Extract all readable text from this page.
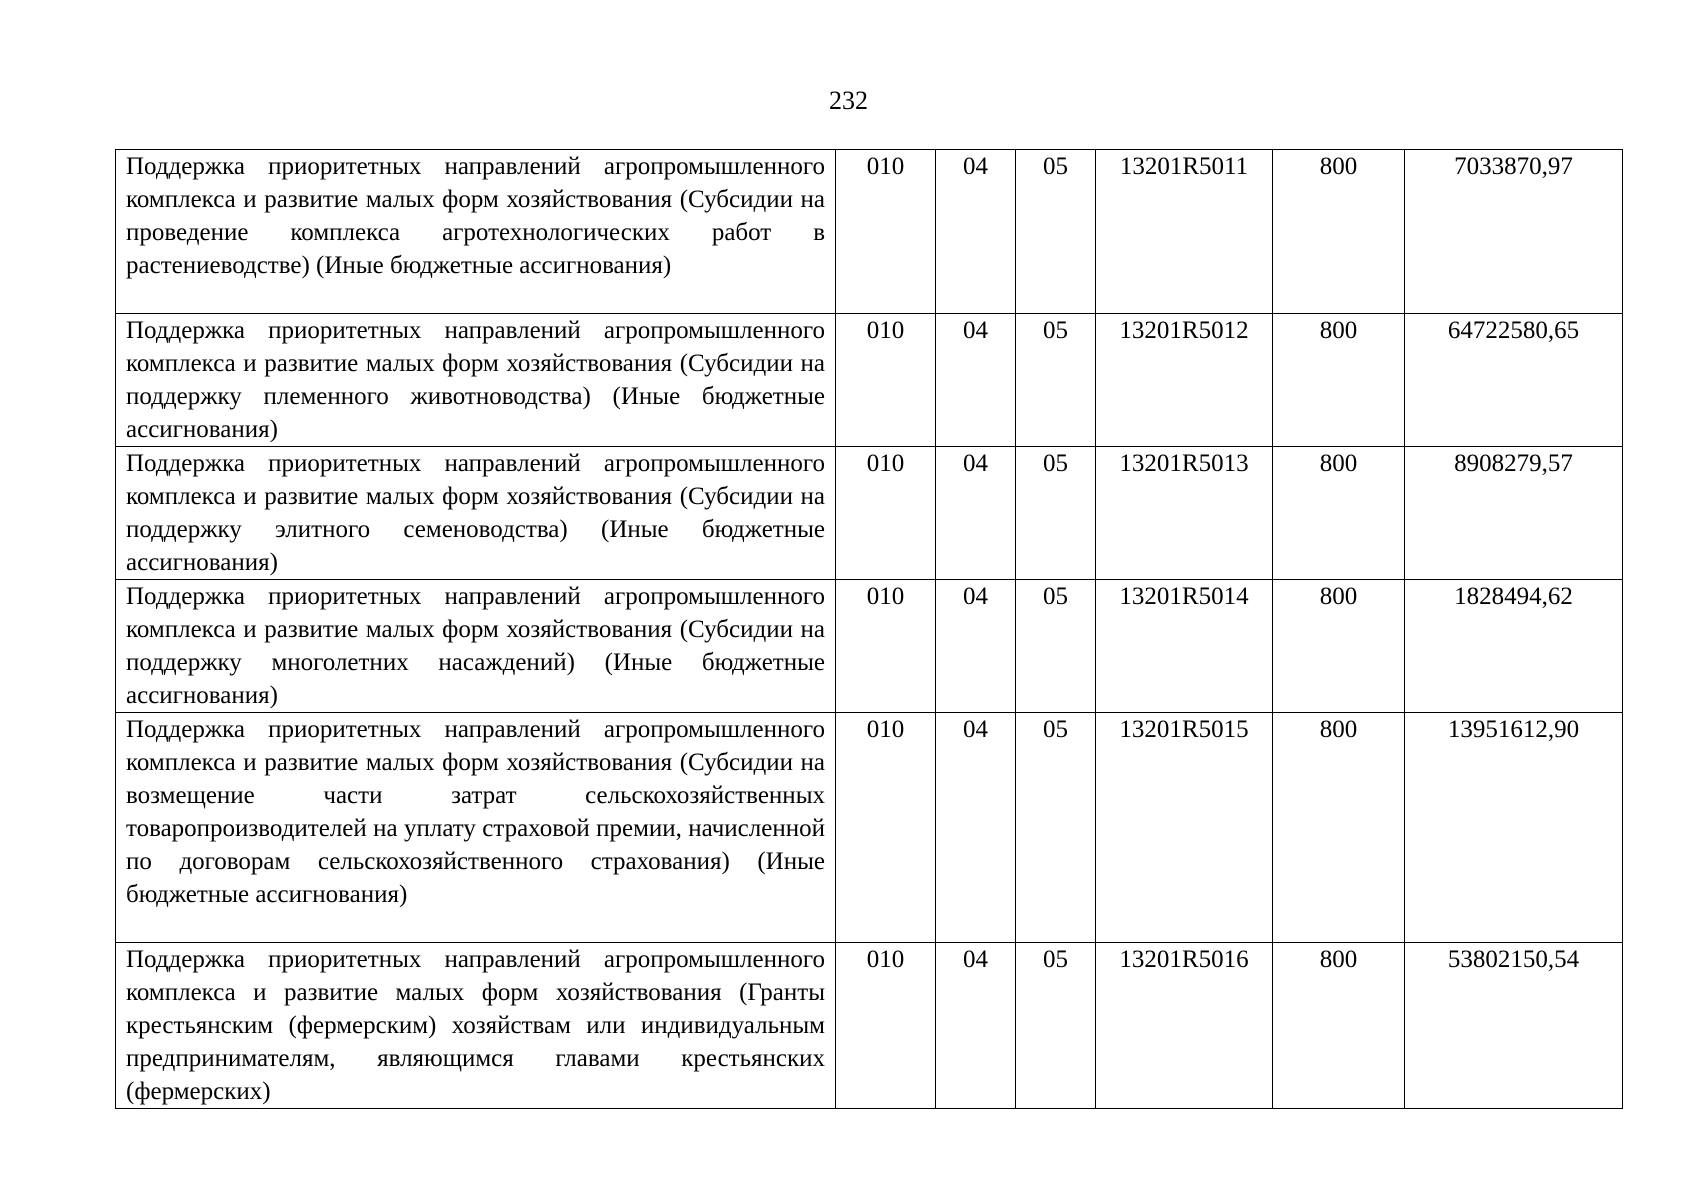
232
Поддержка приоритетных направлений агропромышленного комплекса и развитие малых форм хозяйствования (Субсидии на проведение комплекса агротехнологических работ в растениеводстве) (Иные бюджетные ассигнования)	010	04	05	13201R5011	800	7033870,97
Поддержка приоритетных направлений агропромышленного комплекса и развитие малых форм хозяйствования (Субсидии на поддержку племенного животноводства) (Иные бюджетные ассигнования)	010	04	05	13201R5012	800	64722580,65
Поддержка приоритетных направлений агропромышленного комплекса и развитие малых форм хозяйствования (Субсидии на поддержку элитного семеноводства) (Иные бюджетные ассигнования)	010	04	05	13201R5013	800	8908279,57
Поддержка приоритетных направлений агропромышленного комплекса и развитие малых форм хозяйствования (Субсидии на поддержку многолетних насаждений) (Иные бюджетные ассигнования)	010	04	05	13201R5014	800	1828494,62
Поддержка приоритетных направлений агропромышленного комплекса и развитие малых форм хозяйствования (Субсидии на возмещение части затрат сельскохозяйственных товаропроизводителей на уплату страховой премии, начисленной по договорам сельскохозяйственного страхования) (Иные бюджетные ассигнования)	010	04	05	13201R5015	800	13951612,90
Поддержка приоритетных направлений агропромышленного комплекса и развитие малых форм хозяйствования (Гранты крестьянским (фермерским) хозяйствам или индивидуальным предпринимателям, являющимся главами крестьянских (фермерских)	010	04	05	13201R5016	800	53802150,54
